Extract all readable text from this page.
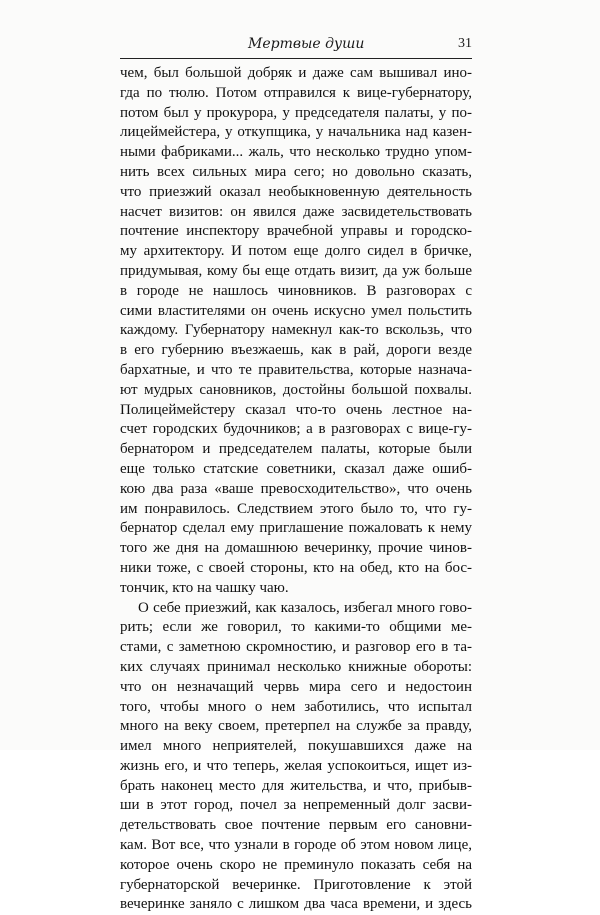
Мертвые души	31
чем, был большой добряк и даже сам вышивал ино-
гда по тюлю. Потом отправился к вице-губернатору,
потом был у прокурора, у председателя палаты, у по-
лицеймейстера, у откупщика, у начальника над казен-
ными фабриками... жаль, что несколько трудно упом-
нить всех сильных мира сего; но довольно сказать,
что приезжий оказал необыкновенную деятельность
насчет визитов: он явился даже засвидетельствовать
почтение инспектору врачебной управы и городско-
му архитектору. И потом еще долго сидел в бричке,
придумывая, кому бы еще отдать визит, да уж больше
в городе не нашлось чиновников. В разговорах с
сими властителями он очень искусно умел польстить
каждому. Губернатору намекнул как-то вскользь, что
в его губернию въезжаешь, как в рай, дороги везде
бархатные, и что те правительства, которые назнача-
ют мудрых сановников, достойны большой похвалы.
Полицеймейстеру сказал что-то очень лестное на-
счет городских будочников; а в разговорах с вице-гу-
бернатором и председателем палаты, которые были
еще только статские советники, сказал даже ошиб-
кою два раза «ваше превосходительство», что очень
им понравилось. Следствием этого было то, что гу-
бернатор сделал ему приглашение пожаловать к нему
того же дня на домашнюю вечеринку, прочие чинов-
ники тоже, с своей стороны, кто на обед, кто на бос-
тончик, кто на чашку чаю.
О себе приезжий, как казалось, избегал много гово-
рить; если же говорил, то какими-то общими ме-
стами, с заметною скромностию, и разговор его в та-
ких случаях принимал несколько книжные обороты:
что он незначащий червь мира сего и недостоин
того, чтобы много о нем заботились, что испытал
много на веку своем, претерпел на службе за правду,
имел много неприятелей, покушавшихся даже на
жизнь его, и что теперь, желая успокоиться, ищет из-
брать наконец место для жительства, и что, прибыв-
ши в этот город, почел за непременный долг засви-
детельствовать свое почтение первым его сановни-
кам. Вот все, что узнали в городе об этом новом лице,
которое очень скоро не преминуло показать себя на
губернаторской вечеринке. Приготовление к этой
вечеринке заняло с лишком два часа времени, и здесь
